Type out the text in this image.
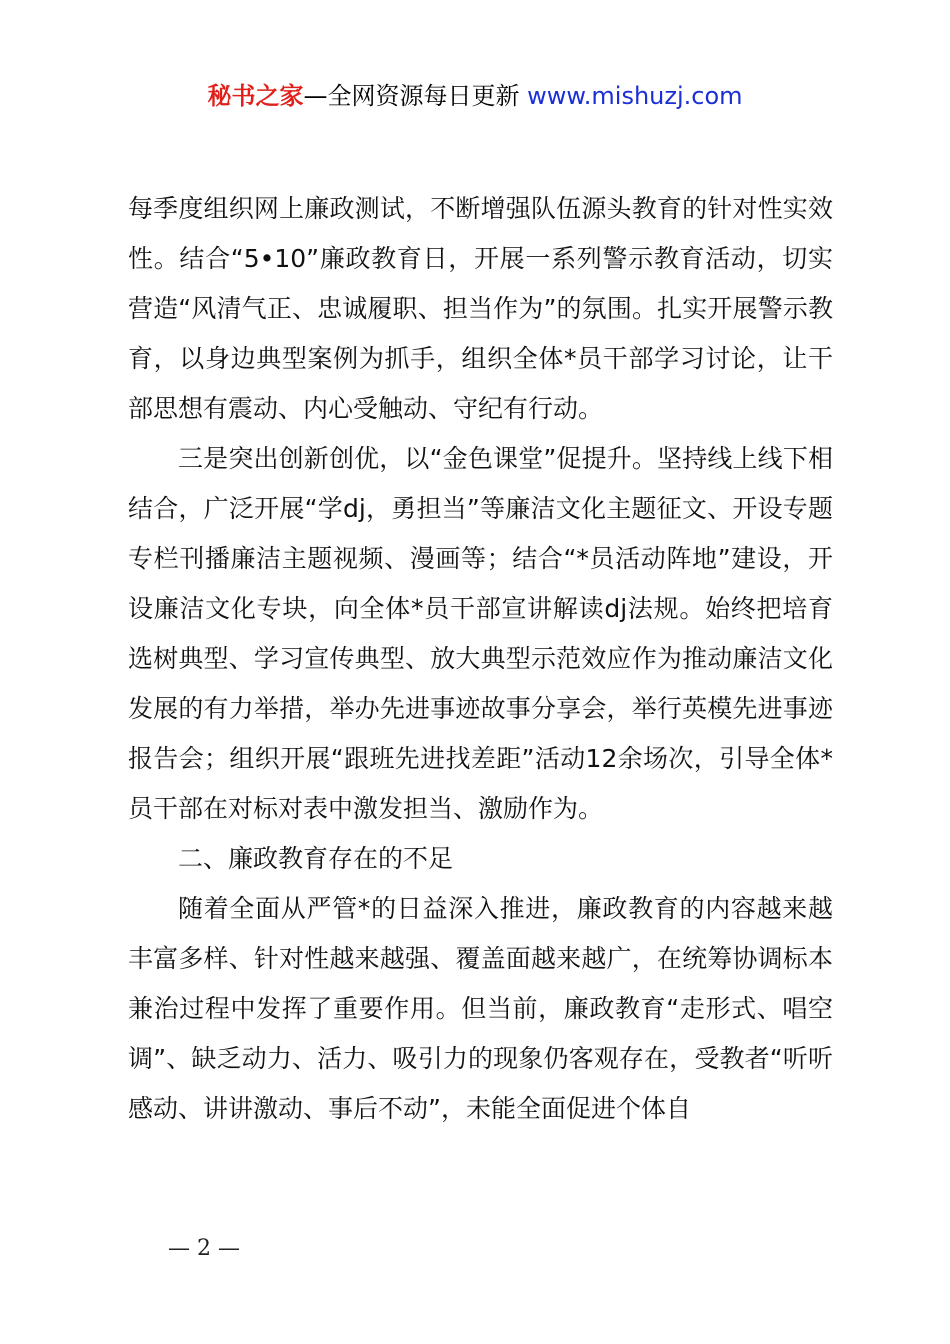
秘书之家—全网资源每日更新 www.mishuzj.com

每季度组织网上廉政测试，不断增强队伍源头教育的针对性实效性。结合“5•10”廉政教育日，开展一系列警示教育活动，切实营造“风清气正、忠诚履职、担当作为”的氛围。扎实开展警示教育，以身边典型案例为抓手，组织全体*员干部学习讨论，让干部思想有震动、内心受触动、守纪有行动。

三是突出创新创优，以“金色课堂”促提升。坚持线上线下相结合，广泛开展“学dj，勇担当”等廉洁文化主题征文、开设专题专栏刊播廉洁主题视频、漫画等；结合“*员活动阵地”建设，开设廉洁文化专块，向全体*员干部宣讲解读dj法规。始终把培育选树典型、学习宣传典型、放大典型示范效应作为推动廉洁文化发展的有力举措，举办先进事迹故事分享会，举行英模先进事迹报告会；组织开展“跟班先进找差距”活动12余场次，引导全体*员干部在对标对表中激发担当、激励作为。

二、廉政教育存在的不足

随着全面从严管*的日益深入推进，廉政教育的内容越来越丰富多样、针对性越来越强、覆盖面越来越广，在统筹协调标本兼治过程中发挥了重要作用。但当前，廉政教育“走形式、唱空调”、缺乏动力、活力、吸引力的现象仍客观存在，受教者“听听感动、讲讲激动、事后不动”，未能全面促进个体自

— 2 —
